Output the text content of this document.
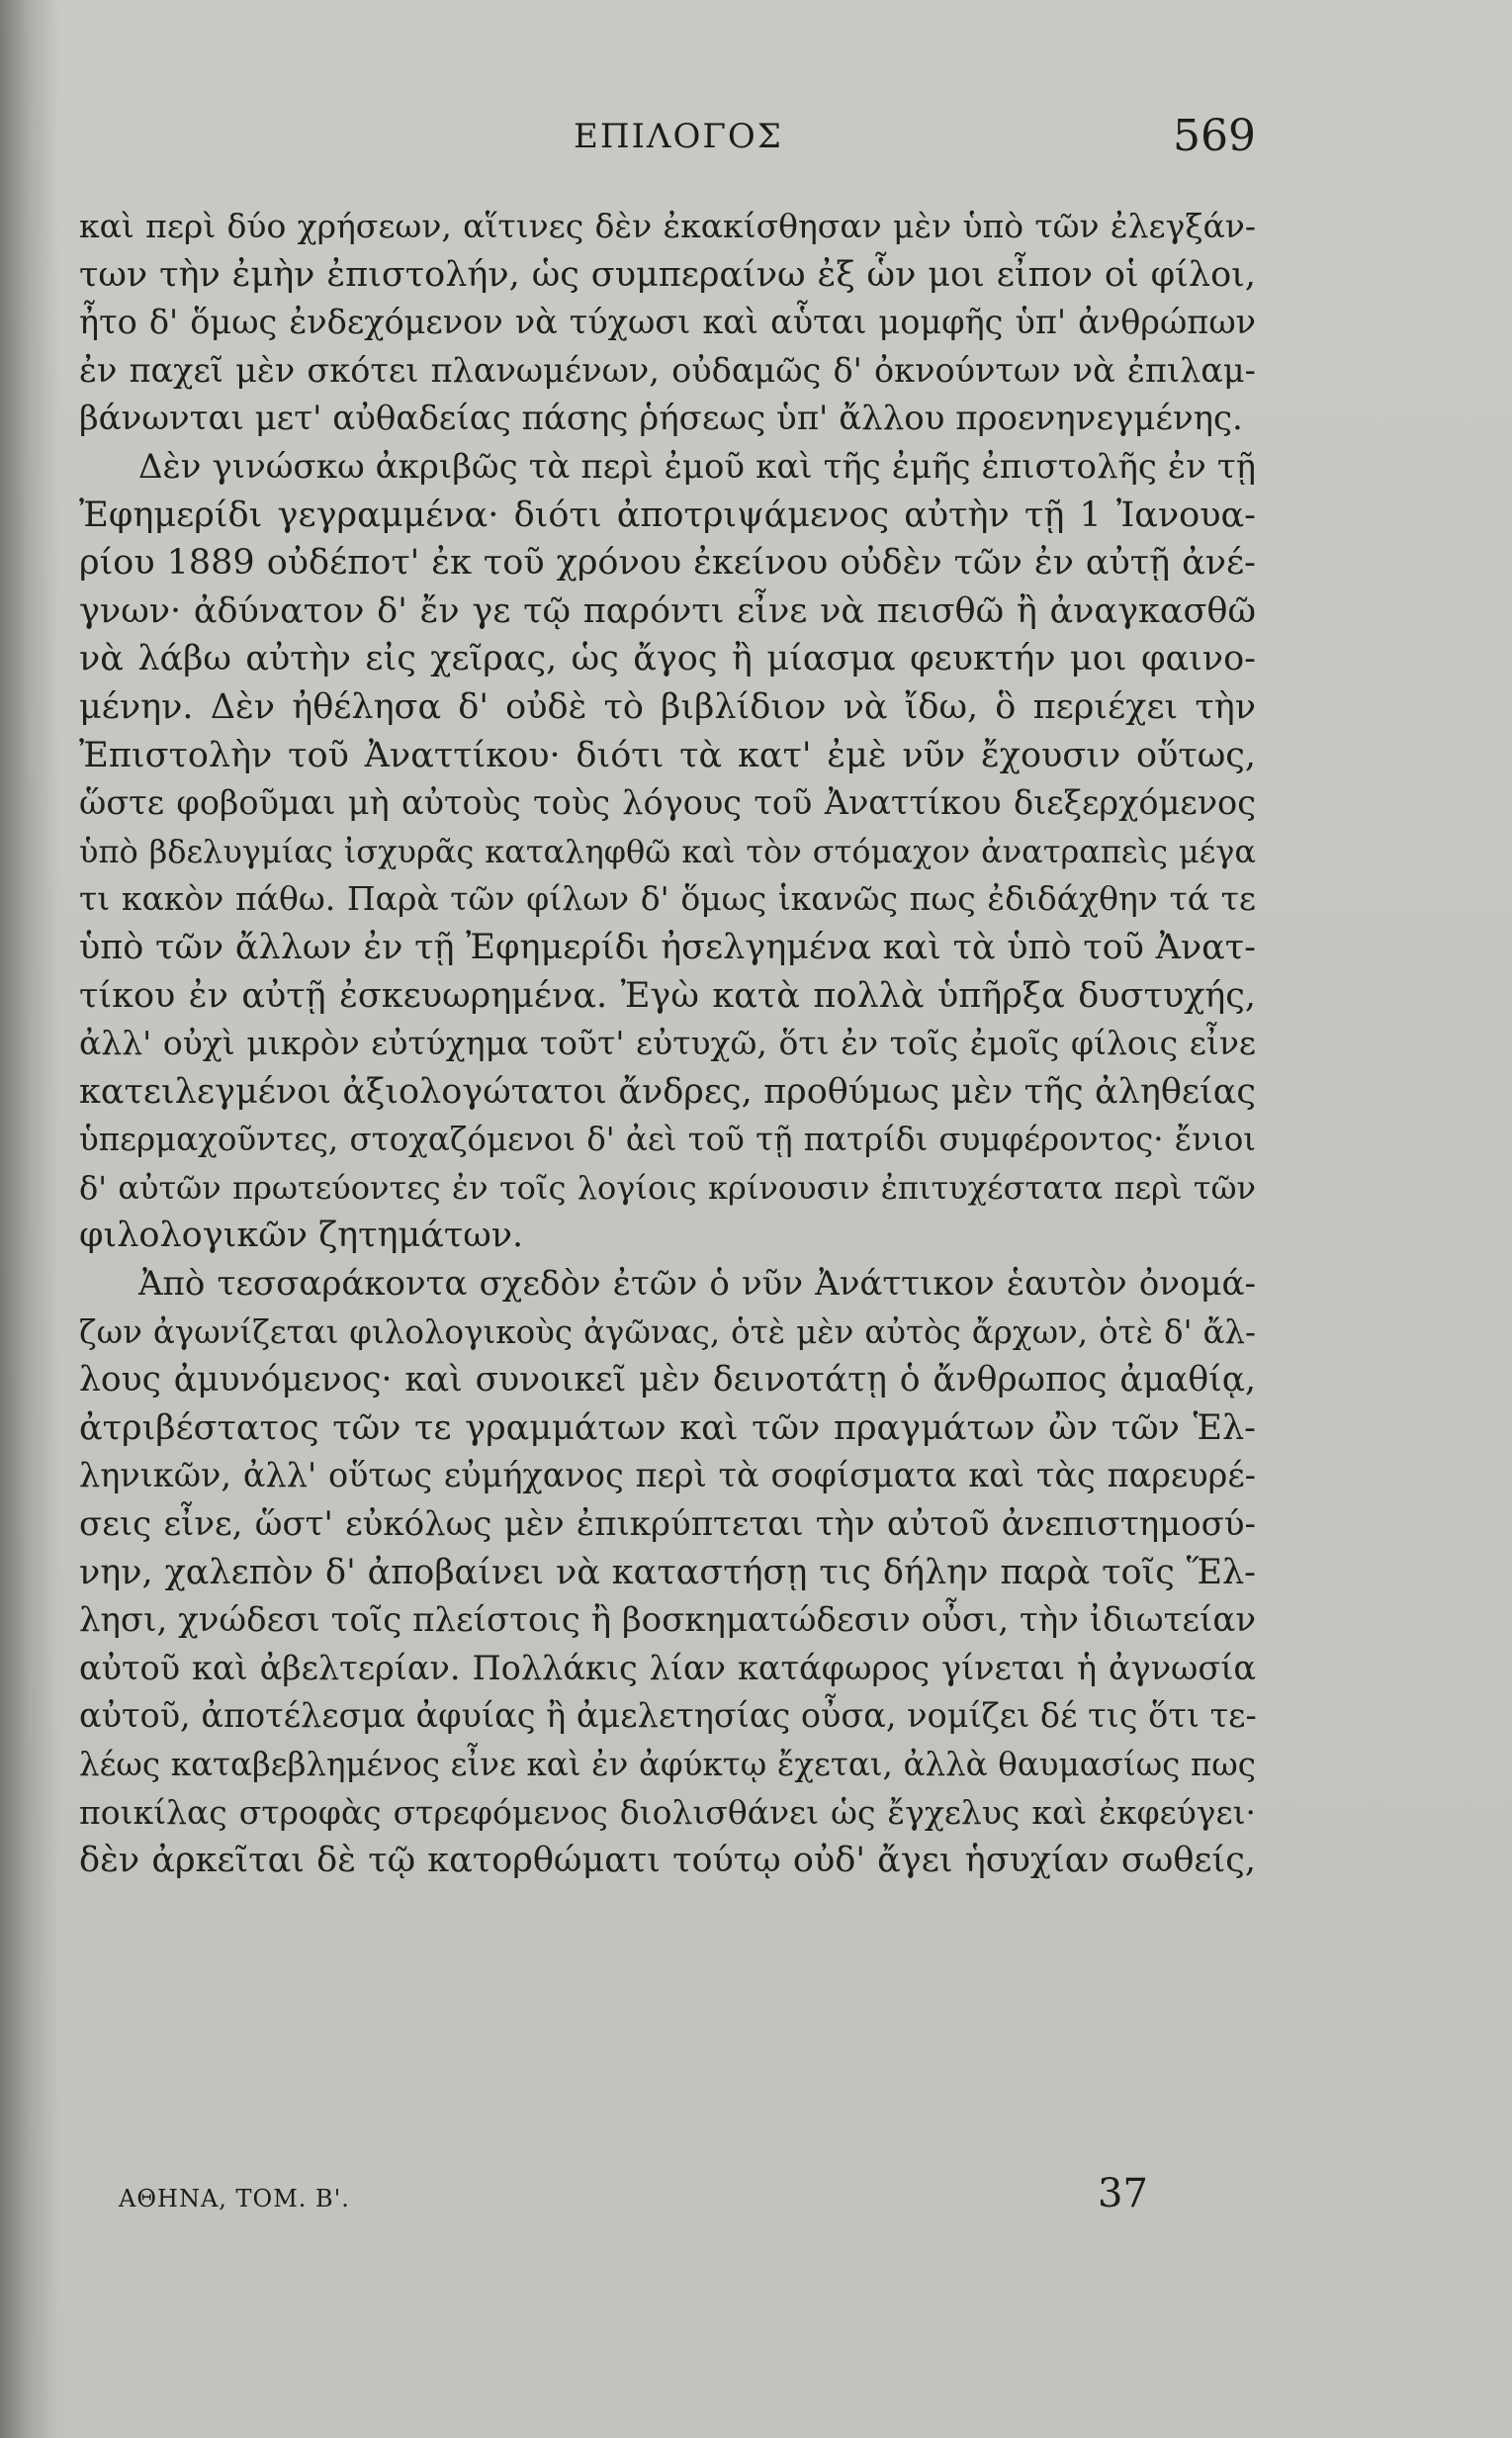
ΕΠΙΛΟΓΟΣ	569
καὶ περὶ δύο χρήσεων, αἵτινες δὲν ἐκακίσθησαν μὲν ὑπὸ τῶν ἐλεγξάν-
των τὴν ἐμὴν ἐπιστολήν, ὡς συμπεραίνω ἐξ ὧν μοι εἶπον οἱ φίλοι,
ἦτο δ' ὅμως ἐνδεχόμενον νὰ τύχωσι καὶ αὗται μομφῆς ὑπ' ἀνθρώπων
ἐν παχεῖ μὲν σκότει πλανωμένων, οὐδαμῶς δ' ὀκνούντων νὰ ἐπιλαμ-
βάνωνται μετ' αὐθαδείας πάσης ῥήσεως ὑπ' ἄλλου προενηνεγμένης.
Δὲν γινώσκω ἀκριβῶς τὰ περὶ ἐμοῦ καὶ τῆς ἐμῆς ἐπιστολῆς ἐν τῇ
Ἐφημερίδι γεγραμμένα· διότι ἀποτριψάμενος αὐτὴν τῇ 1 Ἰανουα-
ρίου 1889 οὐδέποτ' ἐκ τοῦ χρόνου ἐκείνου οὐδὲν τῶν ἐν αὐτῇ ἀνέ-
γνων· ἀδύνατον δ' ἔν γε τῷ παρόντι εἶνε νὰ πεισθῶ ἢ ἀναγκασθῶ
νὰ λάβω αὐτὴν εἰς χεῖρας, ὡς ἄγος ἢ μίασμα φευκτήν μοι φαινο-
μένην. Δὲν ἠθέλησα δ' οὐδὲ τὸ βιβλίδιον νὰ ἴδω, ὃ περιέχει τὴν
Ἐπιστολὴν τοῦ Ἀναττίκου· διότι τὰ κατ' ἐμὲ νῦν ἔχουσιν οὕτως,
ὥστε φοβοῦμαι μὴ αὐτοὺς τοὺς λόγους τοῦ Ἀναττίκου διεξερχόμενος
ὑπὸ βδελυγμίας ἰσχυρᾶς καταληφθῶ καὶ τὸν στόμαχον ἀνατραπεὶς μέγα
τι κακὸν πάθω. Παρὰ τῶν φίλων δ' ὅμως ἱκανῶς πως ἐδιδάχθην τά τε
ὑπὸ τῶν ἄλλων ἐν τῇ Ἐφημερίδι ἠσελγημένα καὶ τὰ ὑπὸ τοῦ Ἀνατ-
τίκου ἐν αὐτῇ ἐσκευωρημένα. Ἐγὼ κατὰ πολλὰ ὑπῆρξα δυστυχής,
ἀλλ' οὐχὶ μικρὸν εὐτύχημα τοῦτ' εὐτυχῶ, ὅτι ἐν τοῖς ἐμοῖς φίλοις εἶνε
κατειλεγμένοι ἀξιολογώτατοι ἄνδρες, προθύμως μὲν τῆς ἀληθείας
ὑπερμαχοῦντες, στοχαζόμενοι δ' ἀεὶ τοῦ τῇ πατρίδι συμφέροντος· ἔνιοι
δ' αὐτῶν πρωτεύοντες ἐν τοῖς λογίοις κρίνουσιν ἐπιτυχέστατα περὶ τῶν
φιλολογικῶν ζητημάτων.
Ἀπὸ τεσσαράκοντα σχεδὸν ἐτῶν ὁ νῦν Ἀνάττικον ἑαυτὸν ὀνομά-
ζων ἀγωνίζεται φιλολογικοὺς ἀγῶνας, ὁτὲ μὲν αὐτὸς ἄρχων, ὁτὲ δ' ἄλ-
λους ἀμυνόμενος· καὶ συνοικεῖ μὲν δεινοτάτῃ ὁ ἄνθρωπος ἀμαθίᾳ,
ἀτριβέστατος τῶν τε γραμμάτων καὶ τῶν πραγμάτων ὢν τῶν Ἑλ-
ληνικῶν, ἀλλ' οὕτως εὐμήχανος περὶ τὰ σοφίσματα καὶ τὰς παρευρέ-
σεις εἶνε, ὥστ' εὐκόλως μὲν ἐπικρύπτεται τὴν αὐτοῦ ἀνεπιστημοσύ-
νην, χαλεπὸν δ' ἀποβαίνει νὰ καταστήσῃ τις δήλην παρὰ τοῖς Ἕλ-
λησι, χνώδεσι τοῖς πλείστοις ἢ βοσκηματώδεσιν οὖσι, τὴν ἰδιωτείαν
αὐτοῦ καὶ ἀβελτερίαν. Πολλάκις λίαν κατάφωρος γίνεται ἡ ἀγνωσία
αὐτοῦ, ἀποτέλεσμα ἀφυίας ἢ ἀμελετησίας οὖσα, νομίζει δέ τις ὅτι τε-
λέως καταβεβλημένος εἶνε καὶ ἐν ἀφύκτῳ ἔχεται, ἀλλὰ θαυμασίως πως
ποικίλας στροφὰς στρεφόμενος διολισθάνει ὡς ἔγχελυς καὶ ἐκφεύγει·
δὲν ἀρκεῖται δὲ τῷ κατορθώματι τούτῳ οὐδ' ἄγει ἡσυχίαν σωθείς,
ΑΘΗΝΑ, ΤΟΜ. Β'.	37
